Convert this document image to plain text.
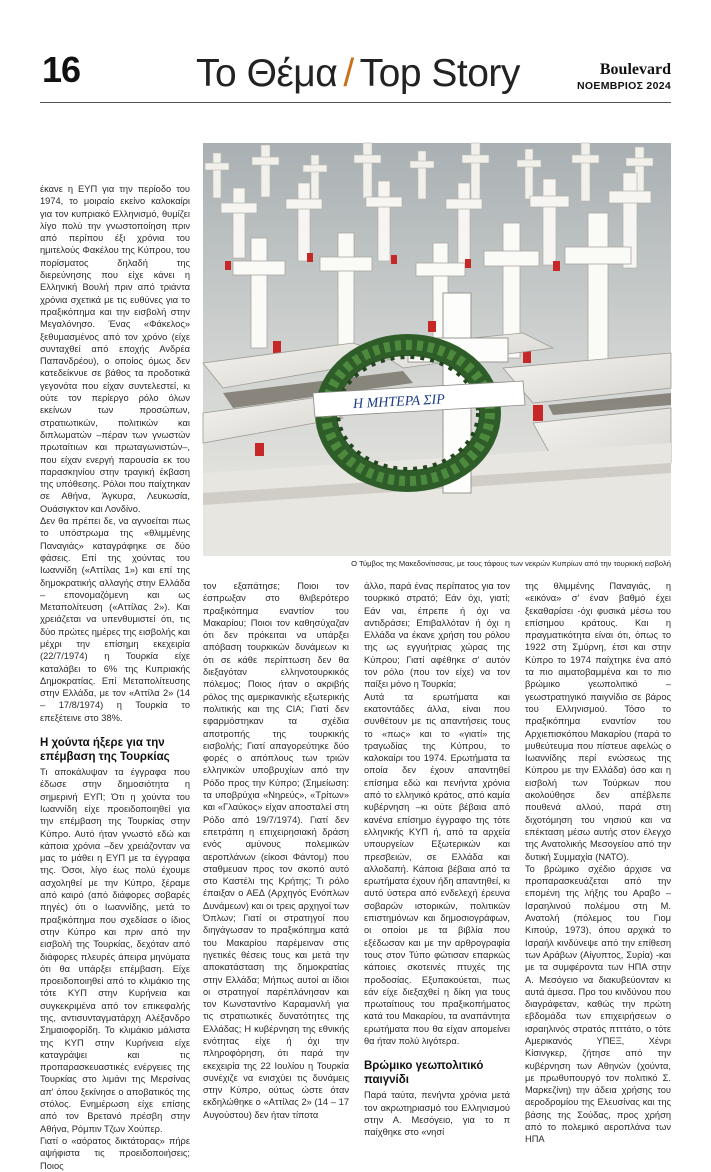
16	Το Θέμα / Top Story	Boulevard
ΝΟΕΜΒΡΙΟΣ 2024
Η ΜΗΤΕΡΑ ΣΙΡ
Ο Τύμβος της Μακεδονίτισσας, με τους τάφους των νεκρών Κυπρίων από την τουρκική εισβολή

έκανε η ΕΥΠ για την περίοδο του 1974, το μοιραίο εκείνο καλοκαίρι για τον κυπριακό Ελληνισμό, θυμίζει λίγο πολύ την γνωστοποίηση πριν από περίπου έξι χρόνια του ημιτελούς Φακέλου της Κύπρου, του πορίσματος δηλαδή της διερεύνησης που είχε κάνει η Ελληνική Βουλή πριν από τριάντα χρόνια σχετικά με τις ευθύνες για το πραξικόπημα και την εισβολή στην Μεγαλόνησο. Ένας «Φάκελος» ξεθυμασμένος από τον χρόνο (είχε συνταχθεί από εποχής Ανδρέα Παπανδρέου), ο οποίος όμως δεν κατεδείκνυε σε βάθος τα προδοτικά γεγονότα που είχαν συντελεστεί, κι ούτε τον περίεργο ρόλο όλων εκείνων των προσώπων, στρατιωτικών, πολιτικών και διπλωματών –πέραν των γνωστών πρωταίτιων και πρωταγωνιστών–, που είχαν ενεργή παρουσία εκ του παρασκηνίου στην τραγική έκβαση της υπόθεσης. Ρόλοι που παίχτηκαν σε Αθήνα, Άγκυρα, Λευκωσία, Ουάσιγκτον και Λονδίνο.

Δεν θα πρέπει δε, να αγνοείται πως το υπόστρωμα της «θλιμμένης Παναγιάς» καταγράφηκε σε δύο φάσεις. Επί της χούντας του Ιωαννίδη («Αττίλας 1») και επί της δημοκρατικής αλλαγής στην Ελλάδα – επονομαζόμενη και ως Μεταπολίτευση («Αττίλας 2»). Και χρειάζεται να υπενθυμιστεί ότι, τις δύο πρώτες ημέρες της εισβολής και μέχρι την επίσημη εκεχειρία (22/7/1974) η Τουρκία είχε καταλάβει το 6% της Κυπριακής Δημοκρατίας. Επί Μεταπολίτευσης στην Ελλάδα, με τον «Αττίλα 2» (14 – 17/8/1974) η Τουρκία το επεξέτεινε στο 38%.

Η χούντα ήξερε για την επέμβαση της Τουρκίας

Τι αποκάλυψαν τα έγγραφα που έδωσε στην δημοσιότητα η σημερινή ΕΥΠ; Ότι η χούντα του Ιωαννίδη είχε προειδοποιηθεί για την επέμβαση της Τουρκίας στην Κύπρο. Αυτό ήταν γνωστό εδώ και κάποια χρόνια –δεν χρειάζονταν να μας το μάθει η ΕΥΠ με τα έγγραφα της. Όσοι, λίγο έως πολύ έχουμε ασχοληθεί με την Κύπρο, ξέραμε από καιρό (από διάφορες σοβαρές πηγές) ότι ο Ιωαννίδης, μετά το πραξικόπημα που σχεδίασε ο ίδιος στην Κύπρο και πριν από την εισβολή της Τουρκίας, δεχόταν από διάφορες πλευρές άπειρα μηνύματα ότι θα υπάρξει επέμβαση. Είχε προειδοποιηθεί από το κλιμάκιο της τότε ΚΥΠ στην Κυρήνεια και συγκεκριμένα από τον επικεφαλής της, αντισυνταγματάρχη Αλέξανδρο Σημαιοφορίδη. Το κλιμάκιο μάλιστα της ΚΥΠ στην Κυρήνεια είχε καταγράψει και τις προπαρασκευαστικές ενέργειες της Τουρκίας στο λιμάνι της Μερσίνας απ' όπου ξεκίνησε ο αποβατικός της στόλος. Ενημέρωση είχε επίσης από τον Βρετανό πρέσβη στην Αθήνα, Ρόμπιν Τζων Χούπερ.

Γιατί ο «αόρατος δικτάτορας» πήρε αψήφιστα τις προειδοποιήσεις; Ποιος

τον εξαπάτησε; Ποιοι τον έσπρωξαν στο θλιβερότερο πραξικόπημα εναντίον του Μακαρίου; Ποιοι τον καθησύχαζαν ότι δεν πρόκειται να υπάρξει απόβαση τουρκικών δυνάμεων κι ότι σε κάθε περίπτωση δεν θα διεξαγόταν ελληνοτουρκικός πόλεμος; Ποιος ήταν ο ακριβής ρόλος της αμερικανικής εξωτερικής πολιτικής και της CIA; Γιατί δεν εφαρμόστηκαν τα σχέδια αποτροπής της τουρκικής εισβολής; Γιατί απαγορεύτηκε δύο φορές ο απόπλους των τριών ελληνικών υποβρυχίων από την Ρόδο προς την Κύπρο; (Σημείωση: τα υποβρύχια «Νηρεύς», «Τρίτων» και «Γλαύκος» είχαν αποσταλεί στη Ρόδο από 19/7/1974). Γιατί δεν επετράπη η επιχειρησιακή δράση ενός αμύνους πολεμικών αεροπλάνων (είκοσι Φάντομ) που σταθμευαν προς τον σκοπό αυτό στο Καστέλι της Κρήτης; Τι ρόλο έπαιξαν ο ΑΕΔ (Αρχηγός Ενόπλων Δυνάμεων) και οι τρεις αρχηγοί των Όπλων; Γιατί οι στρατηγοί που διηγάγωσαν το πραξικόπημα κατά του Μακαρίου παρέμειναν στις ηγετικές θέσεις τους και μετά την αποκατάσταση της δημοκρατίας στην Ελλάδα; Μήπως αυτοί αι ίδιοι οι στρατηγοί παρέπλάνησαν και τον Κωνσταντίνο Καραμανλή για τις στρατιωτικές δυνατότητες της Ελλάδας; Η κυβέρνηση της εθνικής ενότητας είχε ή όχι την πληροφόρηση, ότι παρά την εκεχειρία της 22 Ιουλίου η Τουρκία συνέχιζε να ενισχύει τις δυνάμεις στην Κύπρο, ούτως ώστε όταν εκδηλώθηκε ο «Αττίλας 2» (14 – 17 Αυγούστου) δεν ήταν τίποτα

άλλο, παρά ένας περίπατος για τον τουρκικό στρατό; Εάν όχι, γιατί; Εάν ναι, έπρεπε ή όχι να αντιδράσει; Επιβαλλόταν ή όχι η Ελλάδα να έκανε χρήση του ρόλου της ως εγγυήτριας χώρας της Κύπρου; Γιατί αφέθηκε σ' αυτόν τον ρόλο (που τον είχε) να τον παίξει μόνο η Τουρκία;

Αυτά τα ερωτήματα και εκατοντάδες άλλα, είναι που συνθέτουν με τις απαντήσεις τους το «πως» και το «γιατί» της τραγωδίας της Κύπρου, το καλοκαίρι του 1974. Ερωτήματα τα οποία δεν έχουν απαντηθεί επίσημα εδώ και πενήντα χρόνια από το ελληνικό κράτος, από καμία κυβέρνηση –κι ούτε βέβαια από κανένα επίσημο έγγραφο της τότε ελληνικής ΚΥΠ ή, από τα αρχεία υπουργείων Εξωτερικών και πρεσβειών, σε Ελλάδα και αλλοδαπή. Κάποια βέβαια από τα ερωτήματα έχουν ήδη απαντηθεί, κι αυτό ύστερα από ενδελεχή έρευνα σοβαρών ιστορικών, πολιτικών επιστημόνων και δημοσιογράφων, οι οποίοι με τα βιβλία που εξέδωσαν και με την αρθρογραφία τους στον Τύπο φώτισαν επαρκώς κάποιες σκοτεινές πτυχές της προδοσίας. Εξυπακούεται, πως εάν είχε διεξαχθεί η δίκη για τους πρωταίτιους του πραξικοπήματος κατά του Μακαρίου, τα αναπάντητα ερωτήματα που θα είχαν απομείνει θα ήταν πολύ λιγότερα.

Βρώμικο γεωπολιτικό παιγνίδι

Παρά ταύτα, πενήντα χρόνια μετά τον ακρωτηριασμό του Ελληνισμού στην Α. Μεσόγειο, για το π παίχθηκε στο «νησί

της θλιμμένης Παναγιάς, η «εικόνα» σ' έναν βαθμό έχει ξεκαθαρίσει -όχι φυσικά μέσω του επίσημου κράτους. Και η πραγματικότητα είναι ότι, όπως το 1922 στη Σμύρνη, έτσι και στην Κύπρο το 1974 παίχτηκε ένα από τα πιο αιματοβαμμένα και το πιο βρώμικο γεωπολιτικό – γεωστρατηγικό παιγνίδιο σε βάρος του Ελληνισμού. Τόσο το πραξικόπημα εναντίον του Αρχιεπισκόπου Μακαρίου (παρά το μυθεύτευμα που πίστευε αφελώς ο Ιωαννίδης περί ενώσεως της Κύπρου με την Ελλάδα) όσο και η εισβολή των Τούρκων που ακολούθησε δεν απέβλεπε πουθενά αλλού, παρά στη διχοτόμηση του νησιού και να επέκταση μέσω αυτής στον έλεγχο της Ανατολικής Μεσογείου από την δυτική Συμμαχία (ΝΑΤΟ).

Το βρώμικο σχέδιο άρχισε να προπαρασκευάζεται από την επομένη της λήξης του Αραβο – Ισραηλινού πολέμου στη Μ. Ανατολή (πόλεμος του Γιομ Κιπούρ, 1973), όπου αρχικά το Ισραήλ κινδύνεψε από την επίθεση των Αράβων (Αίγυπτος, Συρία) -και με τα συμφέροντα των ΗΠΑ στην Α. Μεσόγειο να διακυβεύονταν κι αυτά άμεσα. Προ του κινδύνου που διαγράφεταν, καθώς την πρώτη εβδομάδα των επιχειρήσεων ο ισραηλινός στρατός πτττάτο, ο τότε Αμερικανός ΥΠΕΞ, Χένρι Κίσινγκερ, ζήτησε από την κυβέρνηση των Αθηνών (χούντα, με πρωθυπουργό τον πολιτικό Σ. Μαρκεζίνη) την άδεια χρήσης του αεροδρομίου της Ελευσίνας και της βάσης της Σούδας, προς χρήση από το πολεμικό αεροπλάνα των ΗΠΑ
